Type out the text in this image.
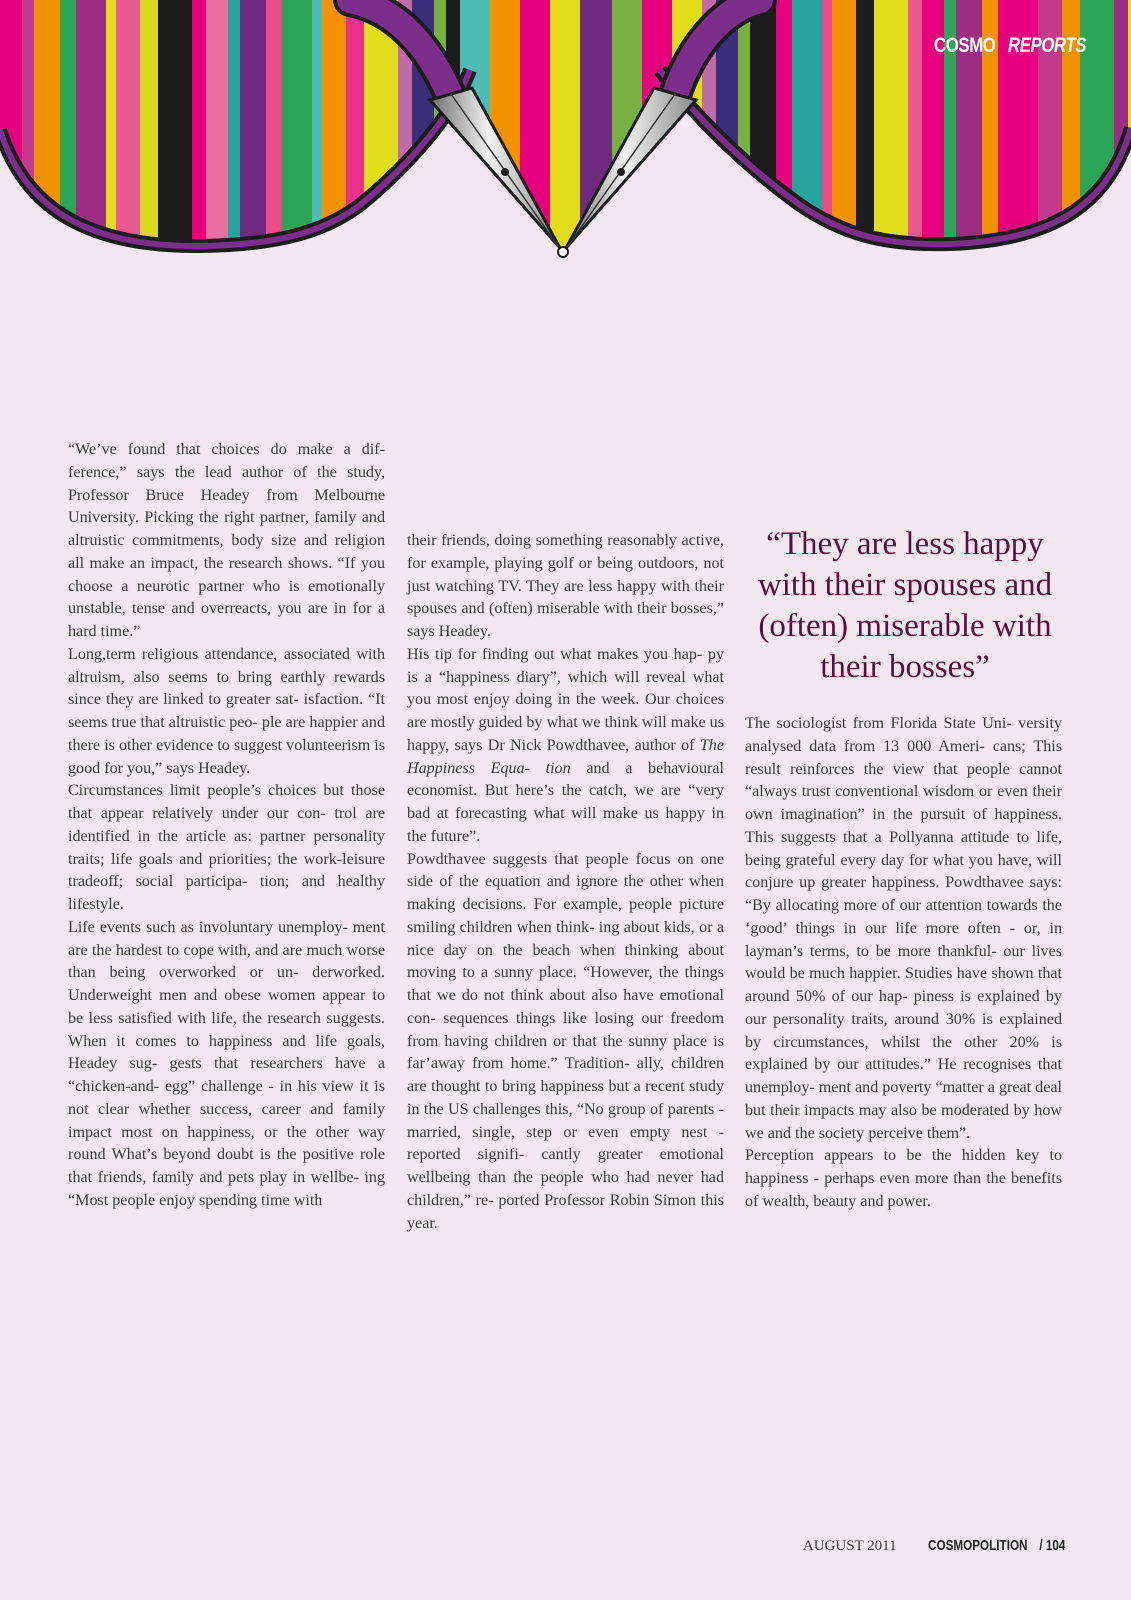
COSMO REPORTS

“We’ve found that choices do make a dif- ference,” says the lead author of the study, Professor Bruce Headey from Melbourne University. Picking the right partner, family and altruistic commitments, body size and religion all make an impact, the research shows. “If you choose a neurotic partner who is emotionally unstable, tense and overreacts, you are in for a hard time.”

Long,term religious attendance, associated with altruism, also seems to bring earthly rewards since they are linked to greater sat- isfaction. “It seems true that altruistic peo- ple are happier and there is other evidence to suggest volunteerism is good for you,” says Headey.

Circumstances limit people’s choices but those that appear relatively under our con- trol are identified in the article as: partner personality traits; life goals and priorities; the work-leisure tradeoff; social participa- tion; and healthy lifestyle.

Life events such as involuntary unemploy- ment are the hardest to cope with, and are much worse than being overworked or un- derworked. Underweight men and obese women appear to be less satisfied with life, the research suggests. When it comes to happiness and life goals, Headey sug- gests that researchers have a “chicken-and- egg” challenge - in his view it is not clear whether success, career and family impact most on happiness, or the other way round What’s beyond doubt is the positive role that friends, family and pets play in wellbe- ing “Most people enjoy spending time with

their friends, doing something reasonably active, for example, playing golf or being outdoors, not just watching TV. They are less happy with their spouses and (often) miserable with their bosses,” says Headey.

His tip for finding out what makes you hap- py is a “happiness diary”, which will reveal what you most enjoy doing in the week. Our choices are mostly guided by what we think will make us happy, says Dr Nick Powdthavee, author of The Happiness Equa- tion and a behavioural economist. But here’s the catch, we are “very bad at forecasting what will make us happy in the future”.

Powdthavee suggests that people focus on one side of the equation and ignore the other when making decisions. For example, people picture smiling children when think- ing about kids, or a nice day on the beach when thinking about moving to a sunny place. “However, the things that we do not think about also have emotional con- sequences things like losing our freedom from having children or that the sunny place is far’away from home.” Tradition- ally, children are thought to bring happiness but a recent study in the US challenges this, “No group of parents - married, single, step or even empty nest - reported signifi- cantly greater emotional wellbeing than the people who had never had children,” re- ported Professor Robin Simon this year.

“They are less happy with their spouses and (often) miserable with their bosses”

The sociologist from Florida State Uni- versity analysed data from 13 000 Ameri- cans; This result reinforces the view that people cannot “always trust conventional wisdom or even their own imagination” in the pursuit of happiness. This suggests that a Pollyanna attitude to life, being grateful every day for what you have, will conjure up greater happiness. Powdthavee says: “By allocating more of our attention towards the ‘good’ things in our life more often - or, in layman’s terms, to be more thankful- our lives would be much happier. Studies have shown that around 50% of our hap- piness is explained by our personality traits, around 30% is explained by circumstances, whilst the other 20% is explained by our attitudes.” He recognises that unemploy- ment and poverty “matter a great deal but their impacts may also be moderated by how we and the society perceive them”.

Perception appears to be the hidden key to happiness - perhaps even more than the benefits of wealth, beauty and power.

AUGUST 2011 COSMOPOLITION / 104
